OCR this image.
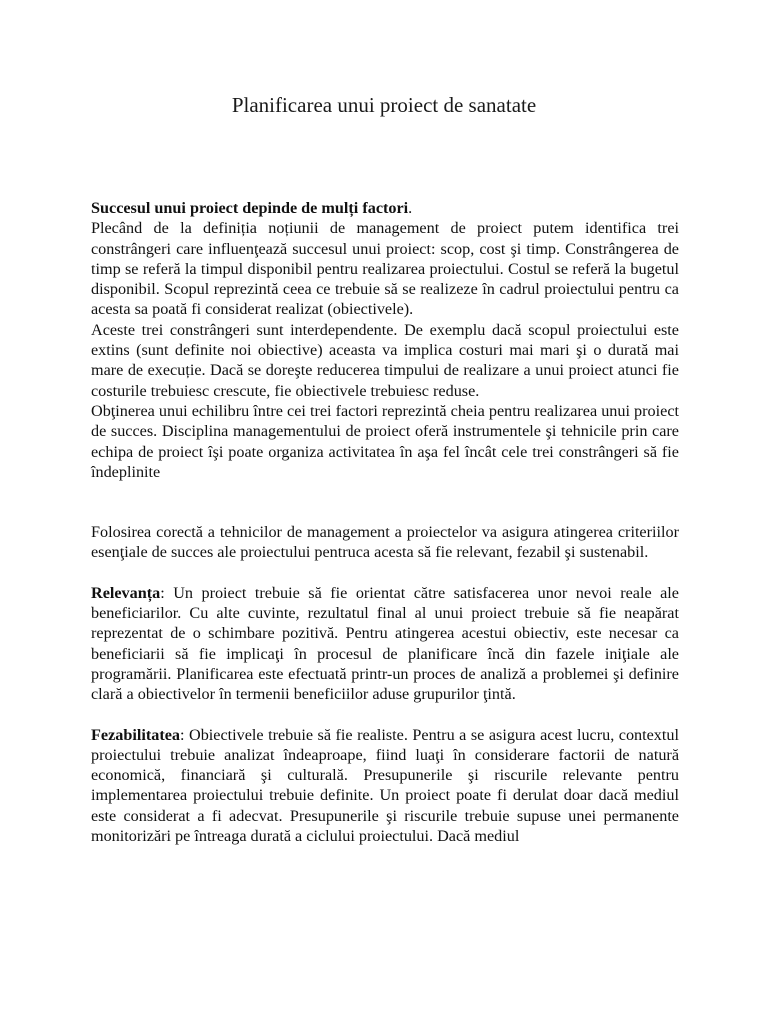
Planificarea unui proiect de sanatate

Succesul unui proiect depinde de mulți factori.

Plecând de la definiția noțiunii de management de proiect putem identifica trei constrângeri care influenţează succesul unui proiect: scop, cost şi timp. Constrângerea de timp se referă la timpul disponibil pentru realizarea proiectului. Costul se referă la bugetul disponibil. Scopul reprezintă ceea ce trebuie să se realizeze în cadrul proiectului pentru ca acesta sa poată fi considerat realizat (obiectivele).

Aceste trei constrângeri sunt interdependente. De exemplu dacă scopul proiectului este extins (sunt definite noi obiective) aceasta va implica costuri mai mari şi o durată mai mare de execuție. Dacă se doreşte reducerea timpului de realizare a unui proiect atunci fie costurile trebuiesc crescute, fie obiectivele trebuiesc reduse.

Obţinerea unui echilibru între cei trei factori reprezintă cheia pentru realizarea unui proiect de succes. Disciplina managementului de proiect oferă instrumentele şi tehnicile prin care echipa de proiect îşi poate organiza activitatea în aşa fel încât cele trei constrângeri să fie îndeplinite

Folosirea corectă a tehnicilor de management a proiectelor va asigura atingerea criteriilor esenţiale de succes ale proiectului pentruca acesta să fie relevant, fezabil şi sustenabil.

Relevanța: Un proiect trebuie să fie orientat către satisfacerea unor nevoi reale ale beneficiarilor. Cu alte cuvinte, rezultatul final al unui proiect trebuie să fie neapărat reprezentat de o schimbare pozitivă. Pentru atingerea acestui obiectiv, este necesar ca beneficiarii să fie implicaţi în procesul de planificare încă din fazele iniţiale ale programării. Planificarea este efectuată printr-un proces de analiză a problemei şi definire clară a obiectivelor în termenii beneficiilor aduse grupurilor ţintă.

Fezabilitatea: Obiectivele trebuie să fie realiste. Pentru a se asigura acest lucru, contextul proiectului trebuie analizat îndeaproape, fiind luaţi în considerare factorii de natură economică, financiară şi culturală. Presupunerile şi riscurile relevante pentru implementarea proiectului trebuie definite. Un proiect poate fi derulat doar dacă mediul este considerat a fi adecvat. Presupunerile şi riscurile trebuie supuse unei permanente monitorizări pe întreaga durată a ciclului proiectului. Dacă mediul
